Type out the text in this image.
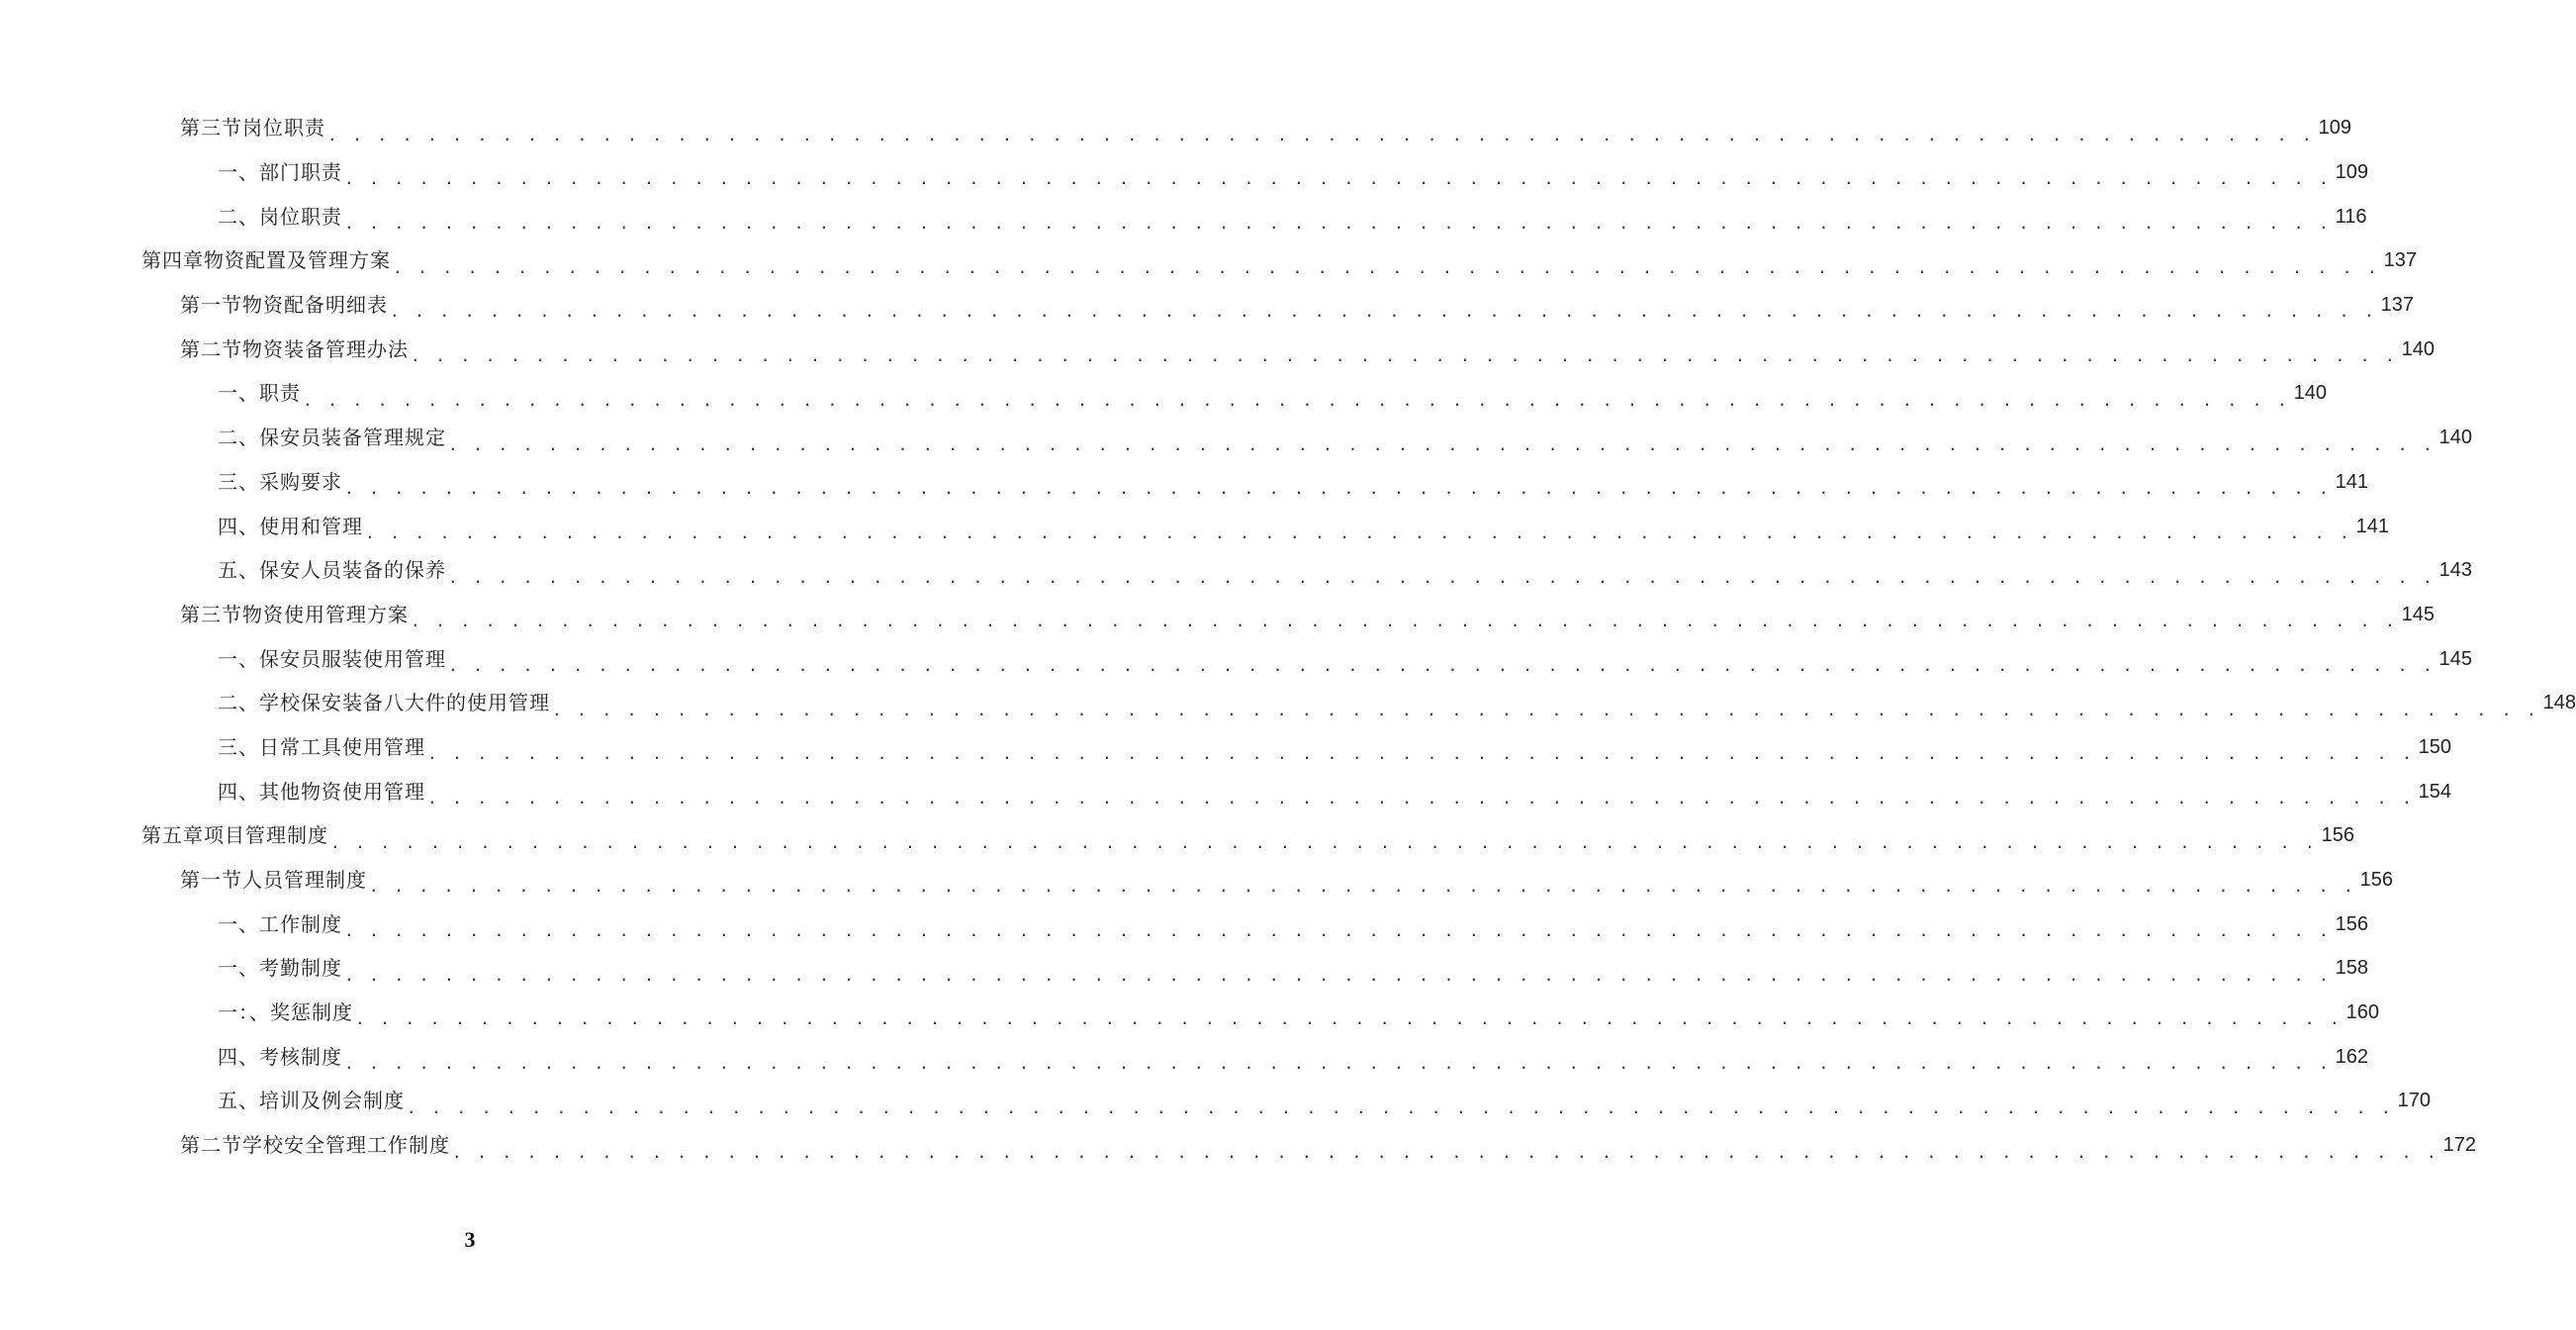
第三节岗位职责 . . . . . . . . . . . . . . . . . . . . . . . . . . . . . . . . . . . . . . . . . . . . . . . . . . . . . . . . . . . . . . . . . . . . . . . . . . . . . . . . 109
一、部门职责 . . . . . . . . . . . . . . . . . . . . . . . . . . . . . . . . . . . . . . . . . . . . . . . . . . . . . . . . . . . . . . . . . . . . . . . . . . . . . . . . 109
二、岗位职责 . . . . . . . . . . . . . . . . . . . . . . . . . . . . . . . . . . . . . . . . . . . . . . . . . . . . . . . . . . . . . . . . . . . . . . . . . . . . . . . . 116
第四章物资配置及管理方案 . . . . . . . . . . . . . . . . . . . . . . . . . . . . . . . . . . . . . . . . . . . . . . . . . . . . . . . . . . . . . . . . . . . . . . . . . . . . . . . . 137
第一节物资配备明细表 . . . . . . . . . . . . . . . . . . . . . . . . . . . . . . . . . . . . . . . . . . . . . . . . . . . . . . . . . . . . . . . . . . . . . . . . . . . . . . . . 137
第二节物资装备管理办法 . . . . . . . . . . . . . . . . . . . . . . . . . . . . . . . . . . . . . . . . . . . . . . . . . . . . . . . . . . . . . . . . . . . . . . . . . . . . . . . . 140
一、职责 . . . . . . . . . . . . . . . . . . . . . . . . . . . . . . . . . . . . . . . . . . . . . . . . . . . . . . . . . . . . . . . . . . . . . . . . . . . . . . . . 140
二、保安员装备管理规定 . . . . . . . . . . . . . . . . . . . . . . . . . . . . . . . . . . . . . . . . . . . . . . . . . . . . . . . . . . . . . . . . . . . . . . . . . . . . . . . . 140
三、采购要求 . . . . . . . . . . . . . . . . . . . . . . . . . . . . . . . . . . . . . . . . . . . . . . . . . . . . . . . . . . . . . . . . . . . . . . . . . . . . . . . . 141
四、使用和管理 . . . . . . . . . . . . . . . . . . . . . . . . . . . . . . . . . . . . . . . . . . . . . . . . . . . . . . . . . . . . . . . . . . . . . . . . . . . . . . . . 141
五、保安人员装备的保养 . . . . . . . . . . . . . . . . . . . . . . . . . . . . . . . . . . . . . . . . . . . . . . . . . . . . . . . . . . . . . . . . . . . . . . . . . . . . . . . . 143
第三节物资使用管理方案 . . . . . . . . . . . . . . . . . . . . . . . . . . . . . . . . . . . . . . . . . . . . . . . . . . . . . . . . . . . . . . . . . . . . . . . . . . . . . . . . 145
一、保安员服装使用管理 . . . . . . . . . . . . . . . . . . . . . . . . . . . . . . . . . . . . . . . . . . . . . . . . . . . . . . . . . . . . . . . . . . . . . . . . . . . . . . . . 145
二、学校保安装备八大件的使用管理 . . . . . . . . . . . . . . . . . . . . . . . . . . . . . . . . . . . . . . . . . . . . . . . . . . . . . . . . . . . . . . . . . . . . . . . . . . . . . . . . 148
三、日常工具使用管理 . . . . . . . . . . . . . . . . . . . . . . . . . . . . . . . . . . . . . . . . . . . . . . . . . . . . . . . . . . . . . . . . . . . . . . . . . . . . . . . . 150
四、其他物资使用管理 . . . . . . . . . . . . . . . . . . . . . . . . . . . . . . . . . . . . . . . . . . . . . . . . . . . . . . . . . . . . . . . . . . . . . . . . . . . . . . . . 154
第五章项目管理制度 . . . . . . . . . . . . . . . . . . . . . . . . . . . . . . . . . . . . . . . . . . . . . . . . . . . . . . . . . . . . . . . . . . . . . . . . . . . . . . . . 156
第一节人员管理制度 . . . . . . . . . . . . . . . . . . . . . . . . . . . . . . . . . . . . . . . . . . . . . . . . . . . . . . . . . . . . . . . . . . . . . . . . . . . . . . . . 156
一、工作制度 . . . . . . . . . . . . . . . . . . . . . . . . . . . . . . . . . . . . . . . . . . . . . . . . . . . . . . . . . . . . . . . . . . . . . . . . . . . . . . . . 156
一、考勤制度 . . . . . . . . . . . . . . . . . . . . . . . . . . . . . . . . . . . . . . . . . . . . . . . . . . . . . . . . . . . . . . . . . . . . . . . . . . . . . . . . 158
一：、奖惩制度 . . . . . . . . . . . . . . . . . . . . . . . . . . . . . . . . . . . . . . . . . . . . . . . . . . . . . . . . . . . . . . . . . . . . . . . . . . . . . . . . 160
四、考核制度 . . . . . . . . . . . . . . . . . . . . . . . . . . . . . . . . . . . . . . . . . . . . . . . . . . . . . . . . . . . . . . . . . . . . . . . . . . . . . . . . 162
五、培训及例会制度 . . . . . . . . . . . . . . . . . . . . . . . . . . . . . . . . . . . . . . . . . . . . . . . . . . . . . . . . . . . . . . . . . . . . . . . . . . . . . . . . 170
第二节学校安全管理工作制度 . . . . . . . . . . . . . . . . . . . . . . . . . . . . . . . . . . . . . . . . . . . . . . . . . . . . . . . . . . . . . . . . . . . . . . . . . . . . . . . . 172
3
